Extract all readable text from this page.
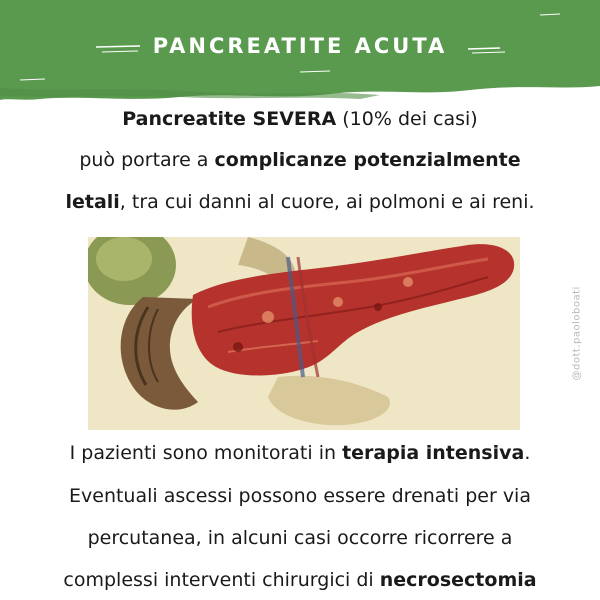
PANCREATITE ACUTA
Pancreatite SEVERA (10% dei casi)
può portare a complicanze potenzialmente
letali, tra cui danni al cuore, ai polmoni e ai reni.
@dott.paoloboati
I pazienti sono monitorati in terapia intensiva.
Eventuali ascessi possono essere drenati per via
percutanea, in alcuni casi occorre ricorrere a
complessi interventi chirurgici di necrosectomia
